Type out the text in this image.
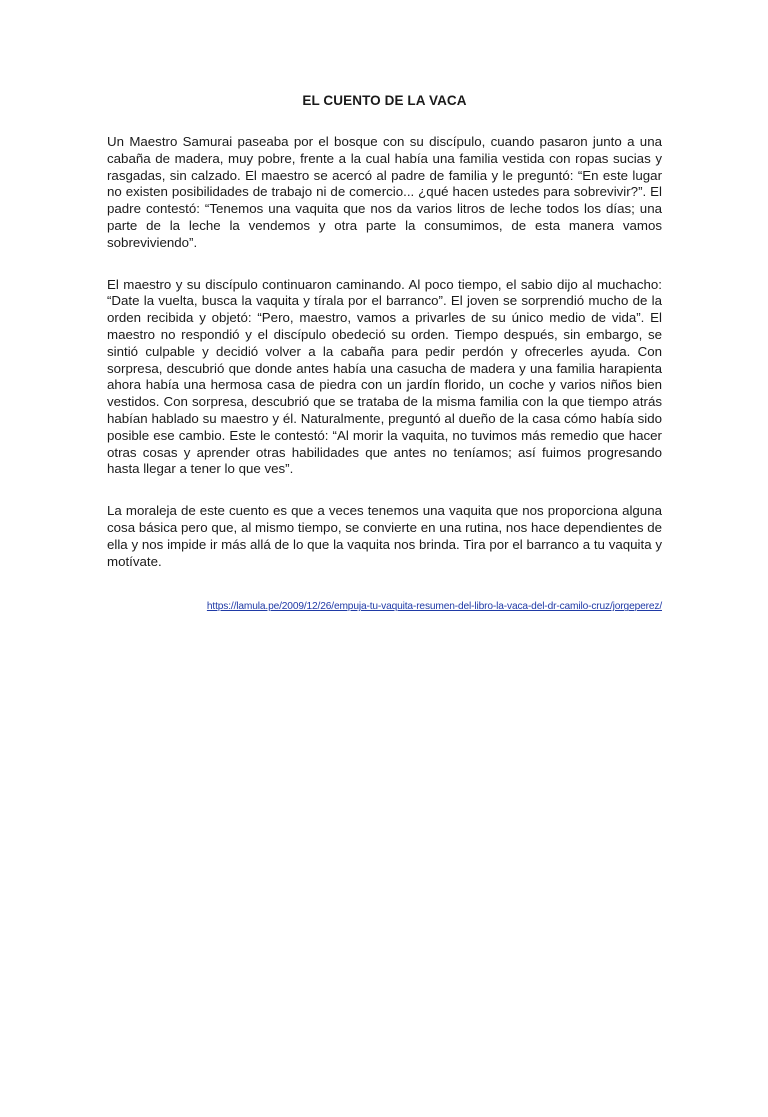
EL CUENTO DE LA VACA

Un Maestro Samurai paseaba por el bosque con su discípulo, cuando pasaron junto a una cabaña de madera, muy pobre, frente a la cual había una familia vestida con ropas sucias y rasgadas, sin calzado. El maestro se acercó al padre de familia y le preguntó: “En este lugar no existen posibilidades de trabajo ni de comercio... ¿qué hacen ustedes para sobrevivir?”. El padre contestó: “Tenemos una vaquita que nos da varios litros de leche todos los días; una parte de la leche la vendemos y otra parte la consumimos, de esta manera vamos sobreviviendo”.

El maestro y su discípulo continuaron caminando. Al poco tiempo, el sabio dijo al muchacho: “Date la vuelta, busca la vaquita y tírala por el barranco”. El joven se sorprendió mucho de la orden recibida y objetó: “Pero, maestro, vamos a privarles de su único medio de vida”. El maestro no respondió y el discípulo obedeció su orden. Tiempo después, sin embargo, se sintió culpable y decidió volver a la cabaña para pedir perdón y ofrecerles ayuda. Con sorpresa, descubrió que donde antes había una casucha de madera y una familia harapienta ahora había una hermosa casa de piedra con un jardín florido, un coche y varios niños bien vestidos. Con sorpresa, descubrió que se trataba de la misma familia con la que tiempo atrás habían hablado su maestro y él. Naturalmente, preguntó al dueño de la casa cómo había sido posible ese cambio. Este le contestó: “Al morir la vaquita, no tuvimos más remedio que hacer otras cosas y aprender otras habilidades que antes no teníamos; así fuimos progresando hasta llegar a tener lo que ves”.

La moraleja de este cuento es que a veces tenemos una vaquita que nos proporciona alguna cosa básica pero que, al mismo tiempo, se convierte en una rutina, nos hace dependientes de ella y nos impide ir más allá de lo que la vaquita nos brinda. Tira por el barranco a tu vaquita y motívate.

https://lamula.pe/2009/12/26/empuja-tu-vaquita-resumen-del-libro-la-vaca-del-dr-camilo-cruz/jorgeperez/
